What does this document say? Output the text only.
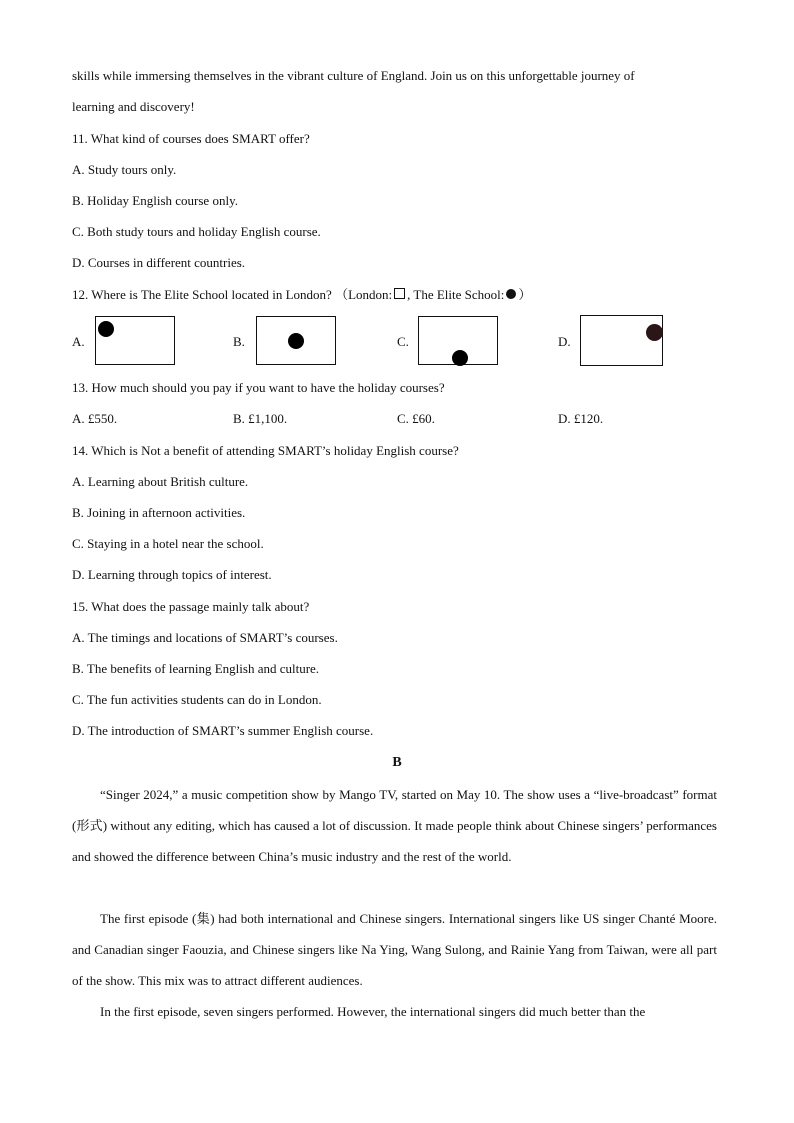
skills while immersing themselves in the vibrant culture of England. Join us on this unforgettable journey of
learning and discovery!
11. What kind of courses does SMART offer?
A. Study tours only.
B. Holiday English course only.
C. Both study tours and holiday English course.
D. Courses in different countries.
12. Where is The Elite School located in London? （London: , The Elite School: ）
A.	B.	C.	D.
13. How much should you pay if you want to have the holiday courses?
A. £550.	B. £1,100.	C. £60.	D. £120.
14. Which is Not a benefit of attending SMART’s holiday English course?
A. Learning about British culture.
B. Joining in afternoon activities.
C. Staying in a hotel near the school.
D. Learning through topics of interest.
15. What does the passage mainly talk about?
A. The timings and locations of SMART’s courses.
B. The benefits of learning English and culture.
C. The fun activities students can do in London.
D. The introduction of SMART’s summer English course.
B
“Singer 2024,” a music competition show by Mango TV, started on May 10. The show uses a “live-broadcast” format (形式) without any editing, which has caused a lot of discussion. It made people think about Chinese singers’ performances and showed the difference between China’s music industry and the rest of the world.
The first episode (集) had both international and Chinese singers. International singers like US singer Chanté Moore. and Canadian singer Faouzia, and Chinese singers like Na Ying, Wang Sulong, and Rainie Yang from Taiwan, were all part of the show. This mix was to attract different audiences.
In the first episode, seven singers performed. However, the international singers did much better than the
